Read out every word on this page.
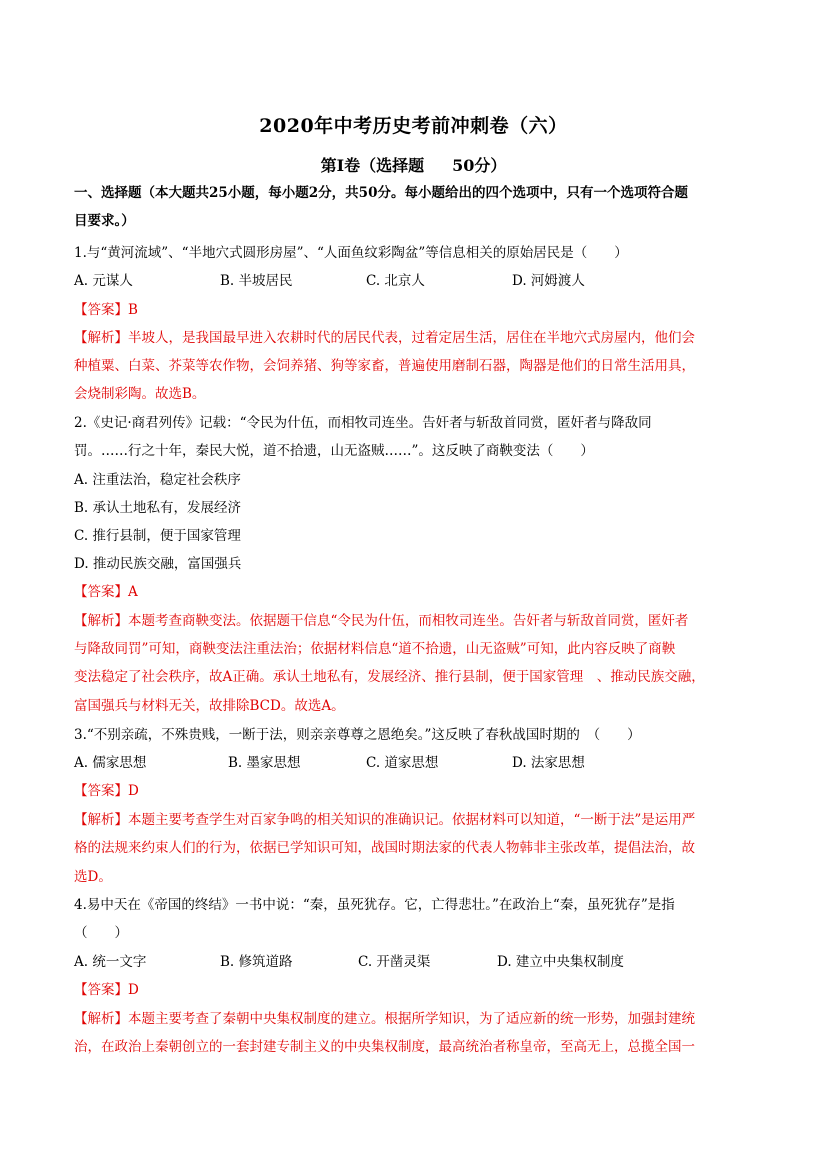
2020年中考历史考前冲刺卷（六）
第Ⅰ卷（选择题 50分）
一、选择题（本大题共25小题，每小题2分，共50分。每小题给出的四个选项中，只有一个选项符合题
目要求。）
1.与“黄河流域”、“半地穴式圆形房屋”、“人面鱼纹彩陶盆”等信息相关的原始居民是（　　）
A. 元谋人	B. 半坡居民	C. 北京人	D. 河姆渡人
【答案】B
【解析】半坡人，是我国最早进入农耕时代的居民代表，过着定居生活，居住在半地穴式房屋内，他们会
种植粟、白菜、芥菜等农作物，会饲养猪、狗等家畜，普遍使用磨制石器，陶器是他们的日常生活用具，
会烧制彩陶。故选B。
2.《史记·商君列传》记载：“令民为什伍，而相牧司连坐。告奸者与斩敌首同赏，匿奸者与降敌同
罚。……行之十年，秦民大悦，道不拾遗，山无盗贼……”。这反映了商鞅变法（　　）
A. 注重法治，稳定社会秩序
B. 承认土地私有，发展经济
C. 推行县制，便于国家管理
D. 推动民族交融，富国强兵
【答案】A
【解析】本题考查商鞅变法。依据题干信息“令民为什伍，而相牧司连坐。告奸者与斩敌首同赏，匿奸者
与降敌同罚”可知，商鞅变法注重法治；依据材料信息“道不拾遗，山无盗贼”可知，此内容反映了商鞅
变法稳定了社会秩序，故A正确。承认土地私有，发展经济、推行县制，便于国家管理　、推动民族交融，
富国强兵与材料无关，故排除BCD。故选A。
3.“不别亲疏，不殊贵贱，一断于法，则亲亲尊尊之恩绝矣。”这反映了春秋战国时期的　（　　）
A. 儒家思想	B. 墨家思想	C. 道家思想	D. 法家思想
【答案】D
【解析】本题主要考查学生对百家争鸣的相关知识的准确识记。依据材料可以知道，“一断于法”是运用严
格的法规来约束人们的行为，依据已学知识可知，战国时期法家的代表人物韩非主张改革，提倡法治，故
选D。
4.易中天在《帝国的终结》一书中说：“秦，虽死犹存。它，亡得悲壮。”在政治上“秦，虽死犹存”是指
（　　）
A. 统一文字	B. 修筑道路	C. 开凿灵渠	D. 建立中央集权制度
【答案】D
【解析】本题主要考查了秦朝中央集权制度的建立。根据所学知识，为了适应新的统一形势，加强封建统
治，在政治上秦朝创立的一套封建专制主义的中央集权制度，最高统治者称皇帝，至高无上，总揽全国一
